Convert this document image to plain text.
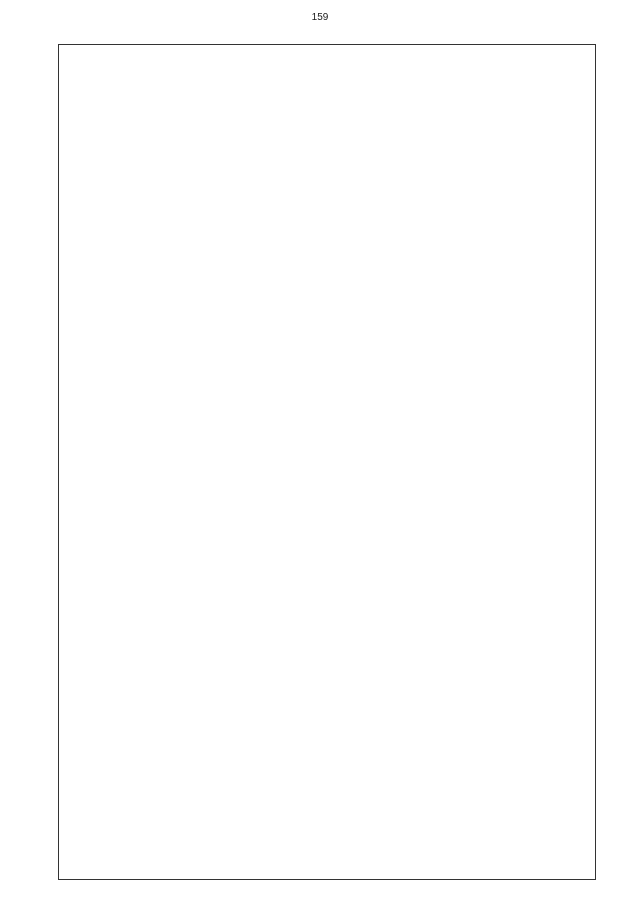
159
